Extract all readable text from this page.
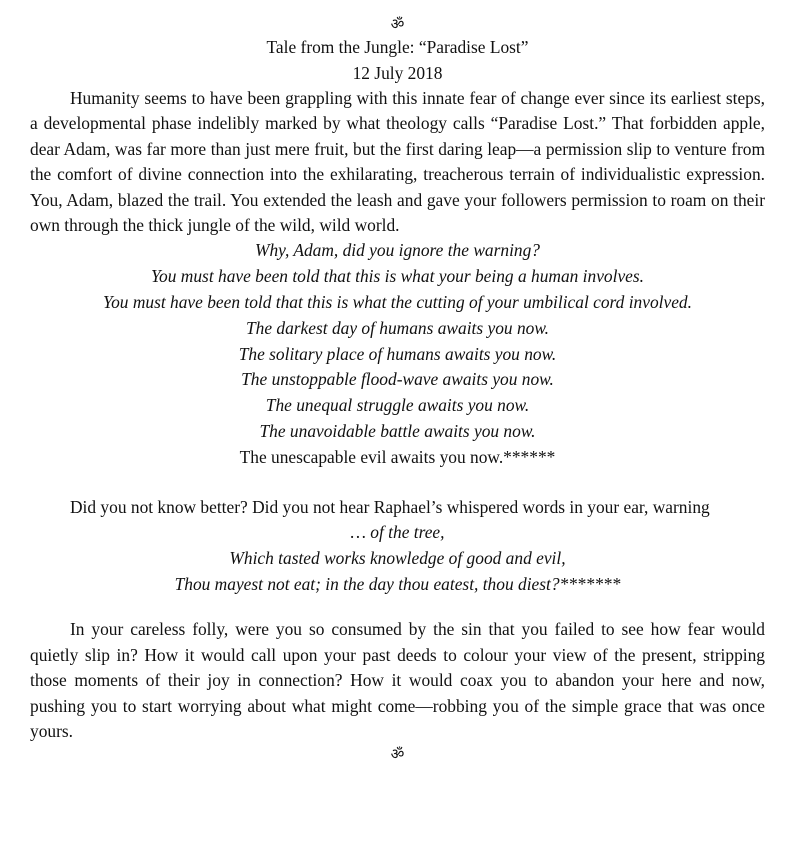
ॐ
Tale from the Jungle: “Paradise Lost”
12 July 2018

Humanity seems to have been grappling with this innate fear of change ever since its earliest steps, a developmental phase indelibly marked by what theology calls “Paradise Lost.” That forbidden apple, dear Adam, was far more than just mere fruit, but the first daring leap—a permission slip to venture from the comfort of divine connection into the exhilarating, treacherous terrain of individualistic expression. You, Adam, blazed the trail. You extended the leash and gave your followers permission to roam on their own through the thick jungle of the wild, wild world.

Why, Adam, did you ignore the warning?
You must have been told that this is what your being a human involves.
You must have been told that this is what the cutting of your umbilical cord involved.
The darkest day of humans awaits you now.
The solitary place of humans awaits you now.
The unstoppable flood-wave awaits you now.
The unequal struggle awaits you now.
The unavoidable battle awaits you now.
The unescapable evil awaits you now.******

Did you not know better? Did you not hear Raphael’s whispered words in your ear, warning

… of the tree,
Which tasted works knowledge of good and evil,
Thou mayest not eat; in the day thou eatest, thou diest?*******

In your careless folly, were you so consumed by the sin that you failed to see how fear would quietly slip in? How it would call upon your past deeds to colour your view of the present, stripping those moments of their joy in connection? How it would coax you to abandon your here and now, pushing you to start worrying about what might come—robbing you of the simple grace that was once yours.

ॐ
